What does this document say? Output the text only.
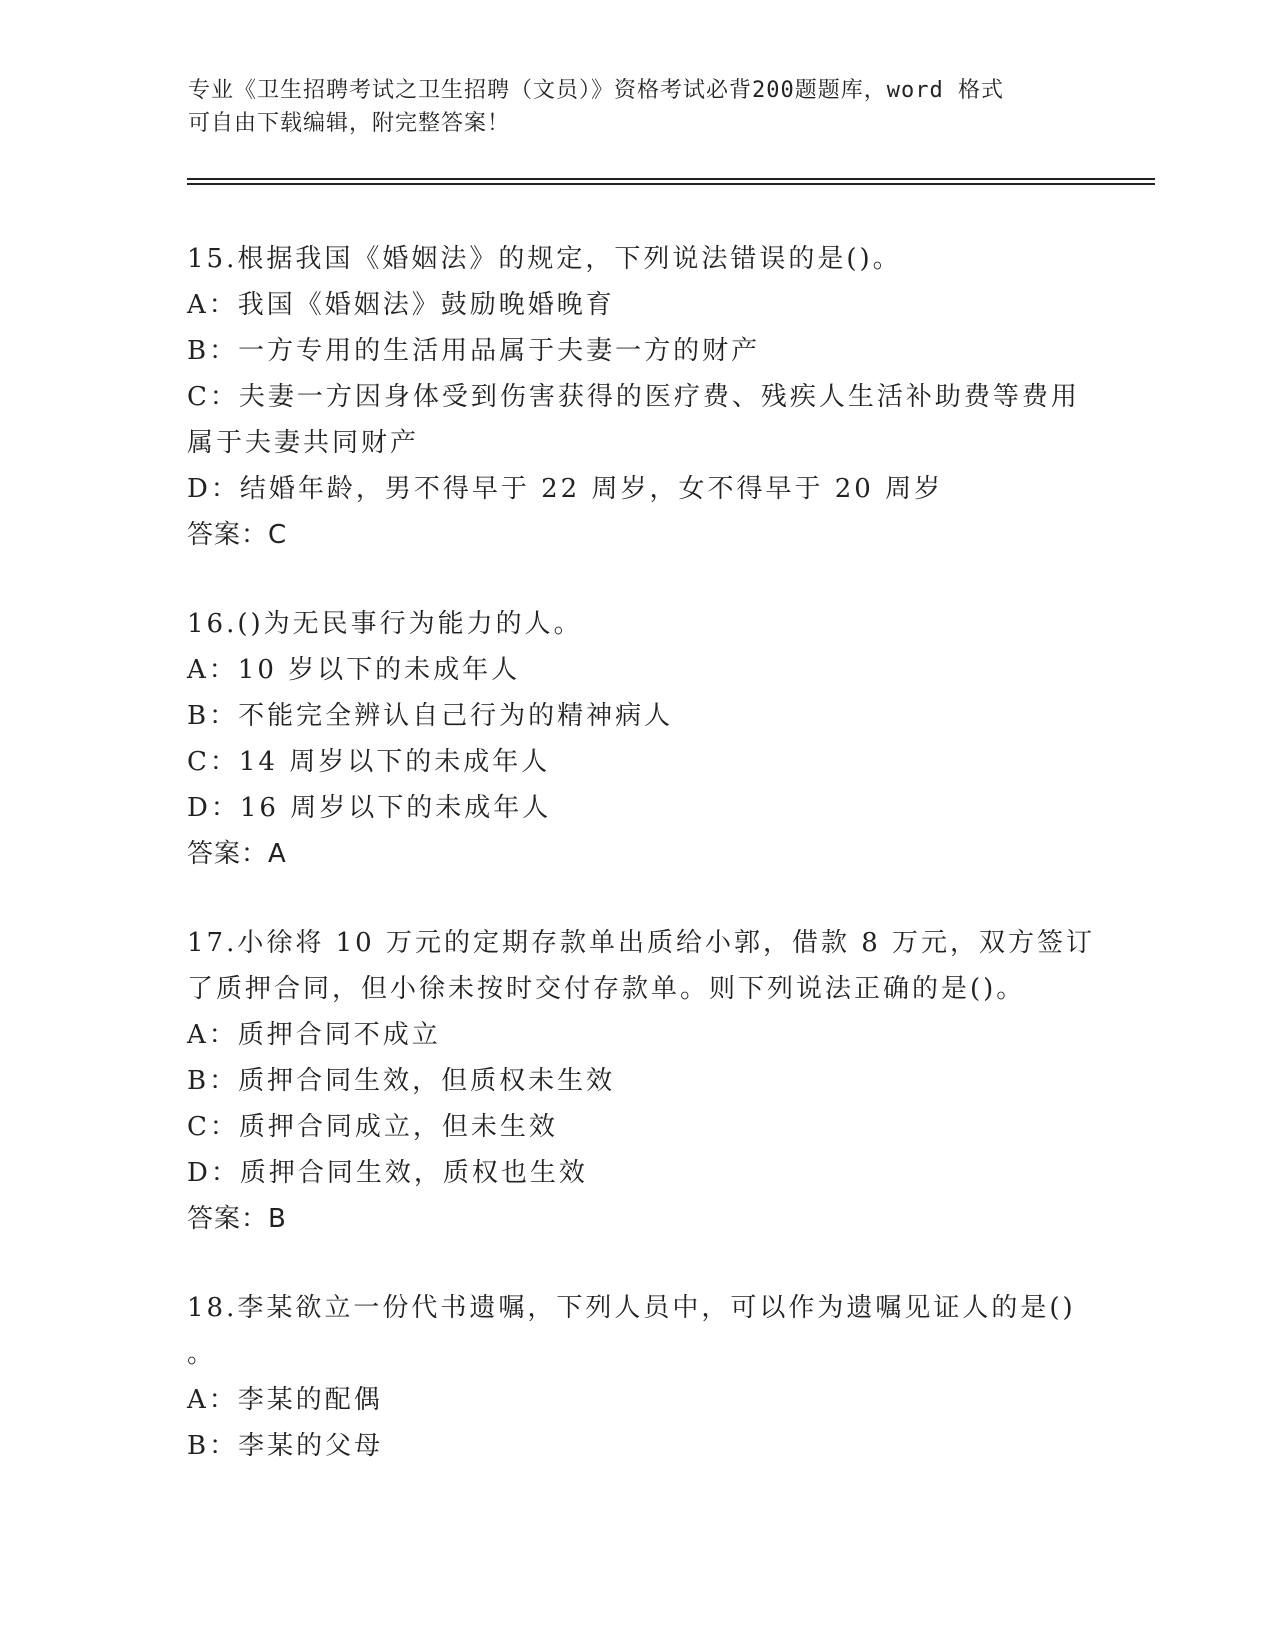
专业《卫生招聘考试之卫生招聘（文员）》资格考试必背200题题库，word 格式
可自由下载编辑，附完整答案！
15.根据我国《婚姻法》的规定，下列说法错误的是()。
A：我国《婚姻法》鼓励晚婚晚育
B：一方专用的生活用品属于夫妻一方的财产
C：夫妻一方因身体受到伤害获得的医疗费、残疾人生活补助费等费用
属于夫妻共同财产
D：结婚年龄，男不得早于 22 周岁，女不得早于 20 周岁
答案：C
16.()为无民事行为能力的人。
A：10 岁以下的未成年人
B：不能完全辨认自己行为的精神病人
C：14 周岁以下的未成年人
D：16 周岁以下的未成年人
答案：A
17.小徐将 10 万元的定期存款单出质给小郭，借款 8 万元，双方签订
了质押合同，但小徐未按时交付存款单。则下列说法正确的是()。
A：质押合同不成立
B：质押合同生效，但质权未生效
C：质押合同成立，但未生效
D：质押合同生效，质权也生效
答案：B
18.李某欲立一份代书遗嘱，下列人员中，可以作为遗嘱见证人的是()
。
A：李某的配偶
B：李某的父母
